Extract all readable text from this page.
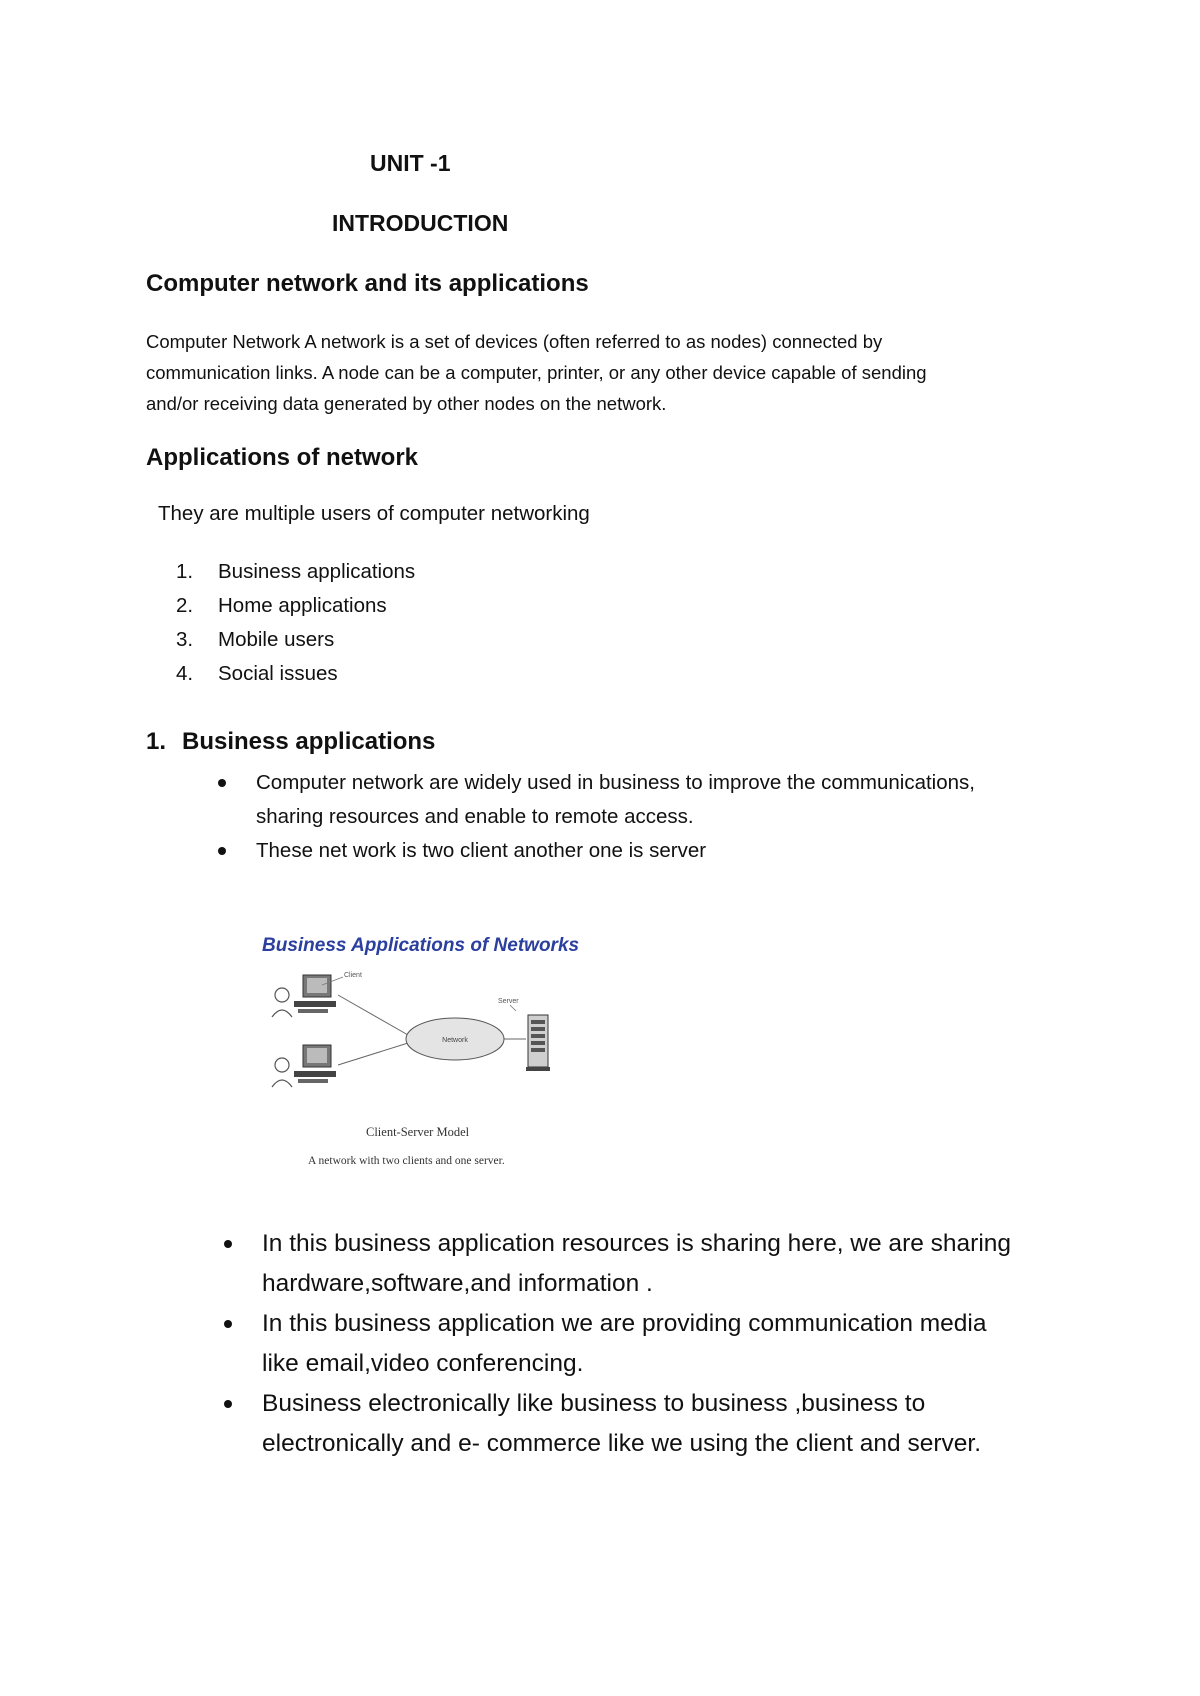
UNIT -1
INTRODUCTION
Computer network and its applications
Computer Network A network is a set of devices (often referred to as nodes) connected by
communication links. A node can be a computer, printer, or any other device capable of sending
and/or receiving data generated by other nodes on the network.
Applications of network
They are multiple users of computer networking
1. Business applications
2. Home applications
3. Mobile users
4. Social issues
1. Business applications
Computer network are widely used in business to improve the communications,
sharing resources and enable to remote access.
These net work is two client another one is server
Business Applications of Networks
Client
Server
Network
Client-Server Model
A network with two clients and one server.
In this business application resources is sharing here, we are sharing
hardware,software,and information .
In this business application we are providing communication media
like email,video conferencing.
Business electronically like business to business ,business to
electronically and e- commerce like we using the client and server.
